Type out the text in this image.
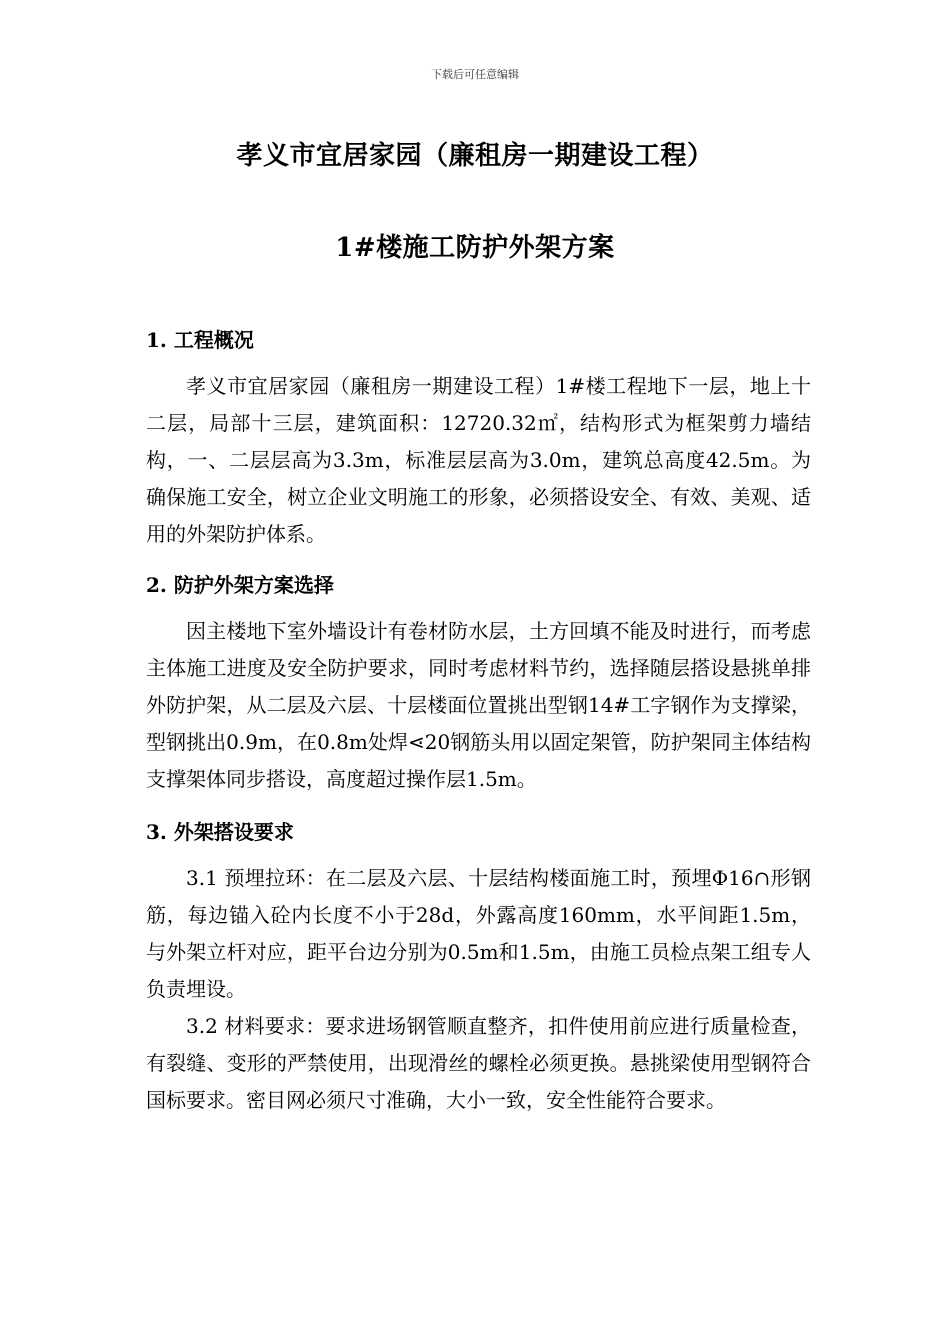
下载后可任意编辑
孝义市宜居家园（廉租房一期建设工程）
1#楼施工防护外架方案
1. 工程概况

孝义市宜居家园（廉租房一期建设工程）1#楼工程地下一层，地上十二层，局部十三层，建筑面积：12720.32㎡，结构形式为框架剪力墙结构，一、二层层高为3.3m，标准层层高为3.0m，建筑总高度42.5m。为确保施工安全，树立企业文明施工的形象，必须搭设安全、有效、美观、适用的外架防护体系。

2. 防护外架方案选择

因主楼地下室外墙设计有卷材防水层，土方回填不能及时进行，而考虑主体施工进度及安全防护要求，同时考虑材料节约，选择随层搭设悬挑单排外防护架，从二层及六层、十层楼面位置挑出型钢14#工字钢作为支撑梁，型钢挑出0.9m，在0.8m处焊⋖20钢筋头用以固定架管，防护架同主体结构支撑架体同步搭设，高度超过操作层1.5m。

3. 外架搭设要求

3.1 预埋拉环：在二层及六层、十层结构楼面施工时，预埋Φ16∩形钢筋，每边锚入砼内长度不小于28d，外露高度160mm，水平间距1.5m，与外架立杆对应，距平台边分别为0.5m和1.5m，由施工员检点架工组专人负责埋设。

3.2 材料要求：要求进场钢管顺直整齐，扣件使用前应进行质量检查，有裂缝、变形的严禁使用，出现滑丝的螺栓必须更换。悬挑梁使用型钢符合国标要求。密目网必须尺寸准确，大小一致，安全性能符合要求。
